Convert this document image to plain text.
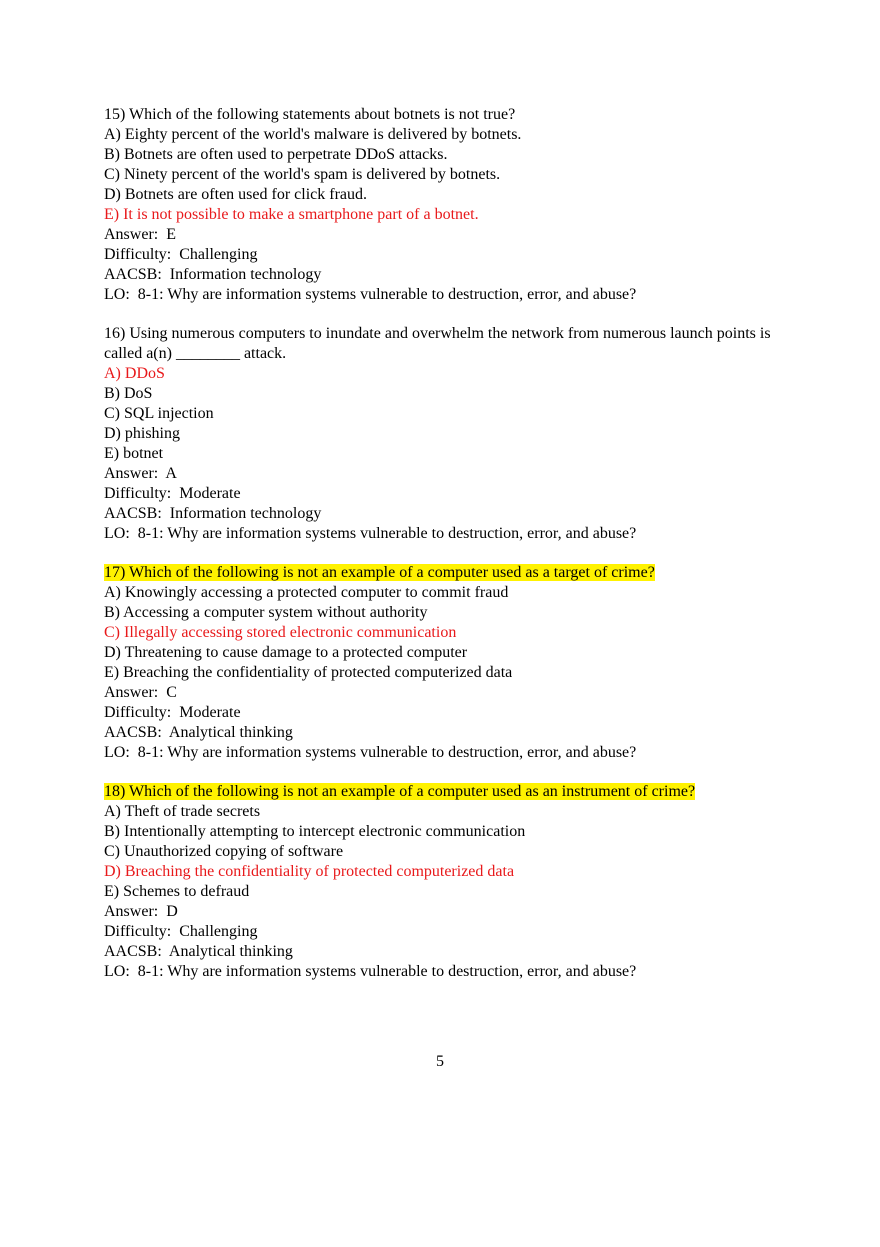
15) Which of the following statements about botnets is not true?
A) Eighty percent of the world's malware is delivered by botnets.
B) Botnets are often used to perpetrate DDoS attacks.
C) Ninety percent of the world's spam is delivered by botnets.
D) Botnets are often used for click fraud.
E) It is not possible to make a smartphone part of a botnet.
Answer:  E
Difficulty:  Challenging
AACSB:  Information technology
LO:  8-1: Why are information systems vulnerable to destruction, error, and abuse?
16) Using numerous computers to inundate and overwhelm the network from numerous launch points is called a(n) ________ attack.
A) DDoS
B) DoS
C) SQL injection
D) phishing
E) botnet
Answer:  A
Difficulty:  Moderate
AACSB:  Information technology
LO:  8-1: Why are information systems vulnerable to destruction, error, and abuse?
17) Which of the following is not an example of a computer used as a target of crime?
A) Knowingly accessing a protected computer to commit fraud
B) Accessing a computer system without authority
C) Illegally accessing stored electronic communication
D) Threatening to cause damage to a protected computer
E) Breaching the confidentiality of protected computerized data
Answer:  C
Difficulty:  Moderate
AACSB:  Analytical thinking
LO:  8-1: Why are information systems vulnerable to destruction, error, and abuse?
18) Which of the following is not an example of a computer used as an instrument of crime?
A) Theft of trade secrets
B) Intentionally attempting to intercept electronic communication
C) Unauthorized copying of software
D) Breaching the confidentiality of protected computerized data
E) Schemes to defraud
Answer:  D
Difficulty:  Challenging
AACSB:  Analytical thinking
LO:  8-1: Why are information systems vulnerable to destruction, error, and abuse?
5
